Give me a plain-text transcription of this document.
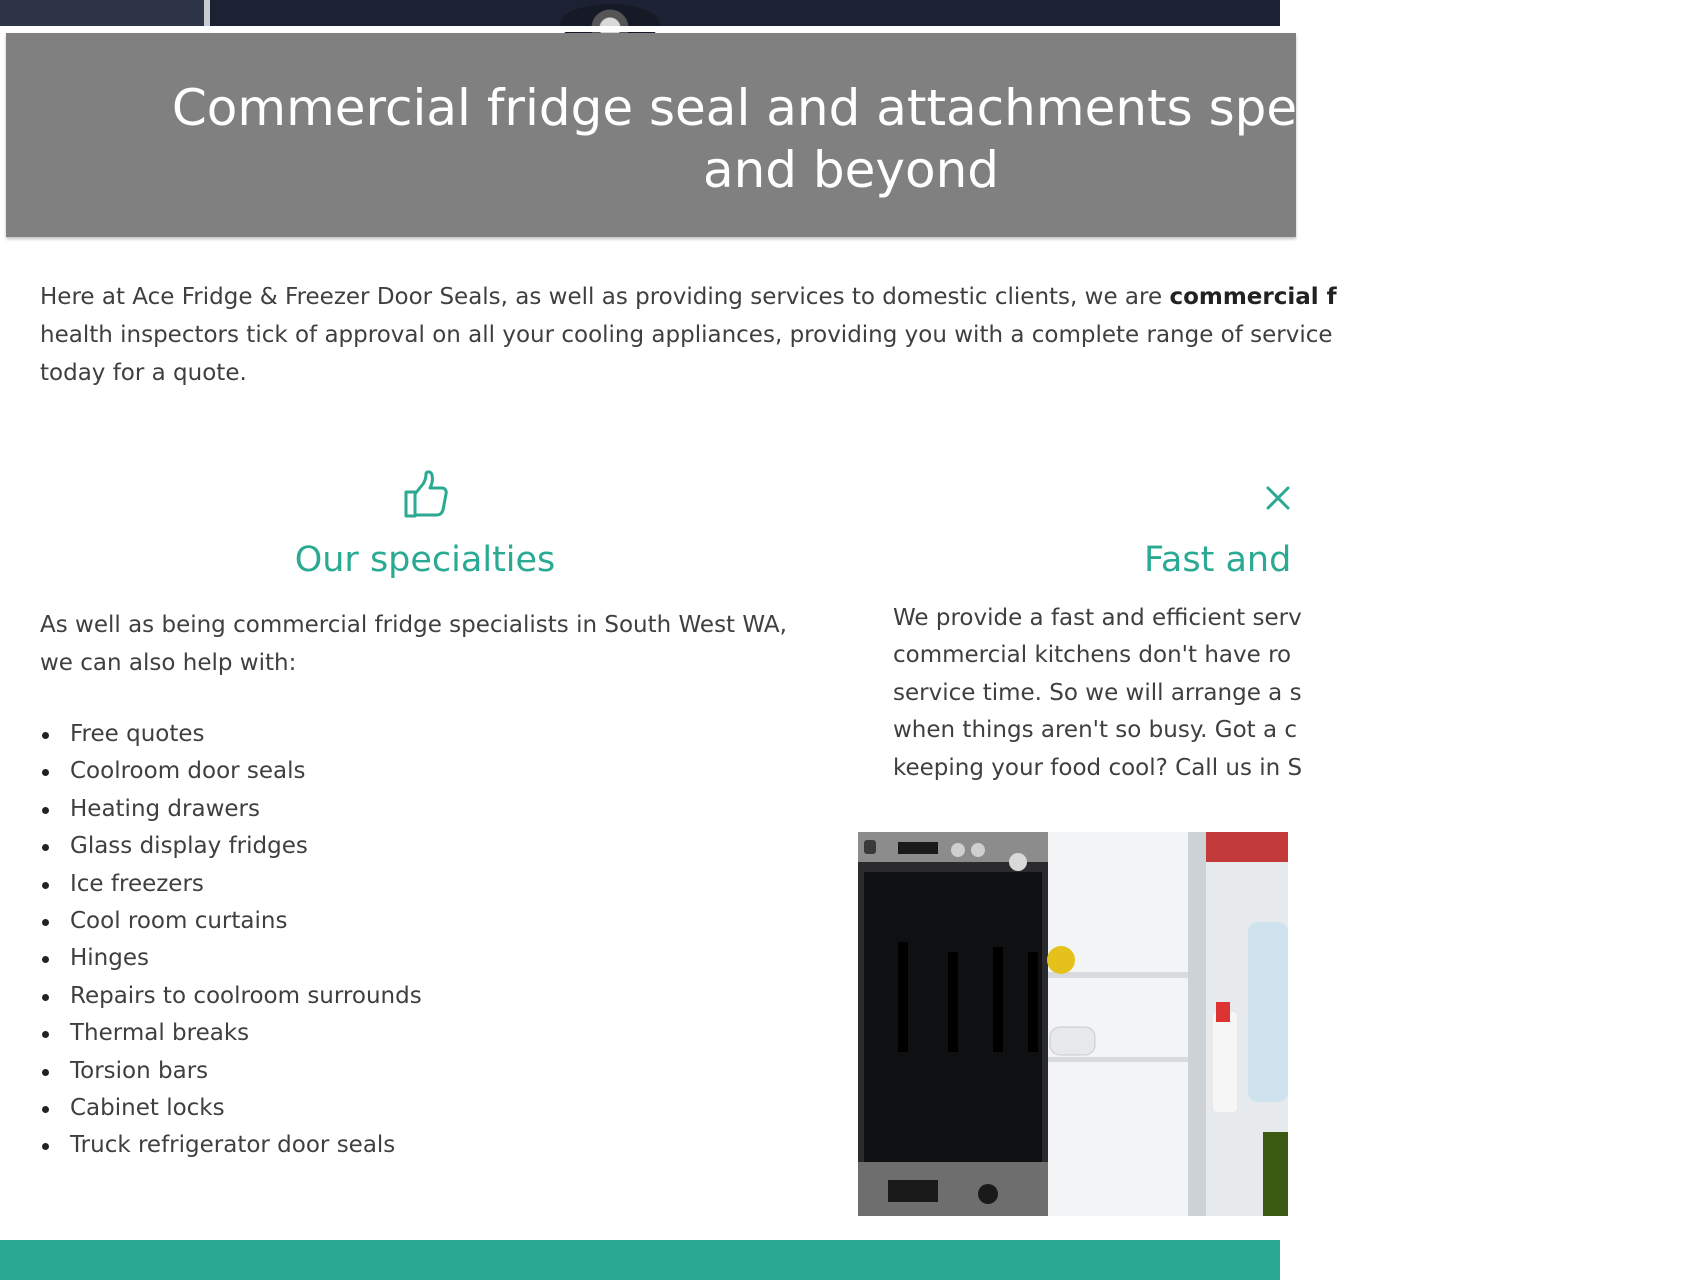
Commercial fridge seal and attachments specialists in
and beyond

Here at Ace Fridge & Freezer Door Seals, as well as providing services to domestic clients, we are commercial f
health inspectors tick of approval on all your cooling appliances, providing you with a complete range of service
today for a quote.

Our specialties

As well as being commercial fridge specialists in South West WA, we can also help with:

Free quotes
Coolroom door seals
Heating drawers
Glass display fridges
Ice freezers
Cool room curtains
Hinges
Repairs to coolroom surrounds
Thermal breaks
Torsion bars
Cabinet locks
Truck refrigerator door seals
Fast and

We provide a fast and efficient serv
commercial kitchens don't have ro
service time. So we will arrange a s
when things aren't so busy. Got a c
keeping your food cool? Call us in S
